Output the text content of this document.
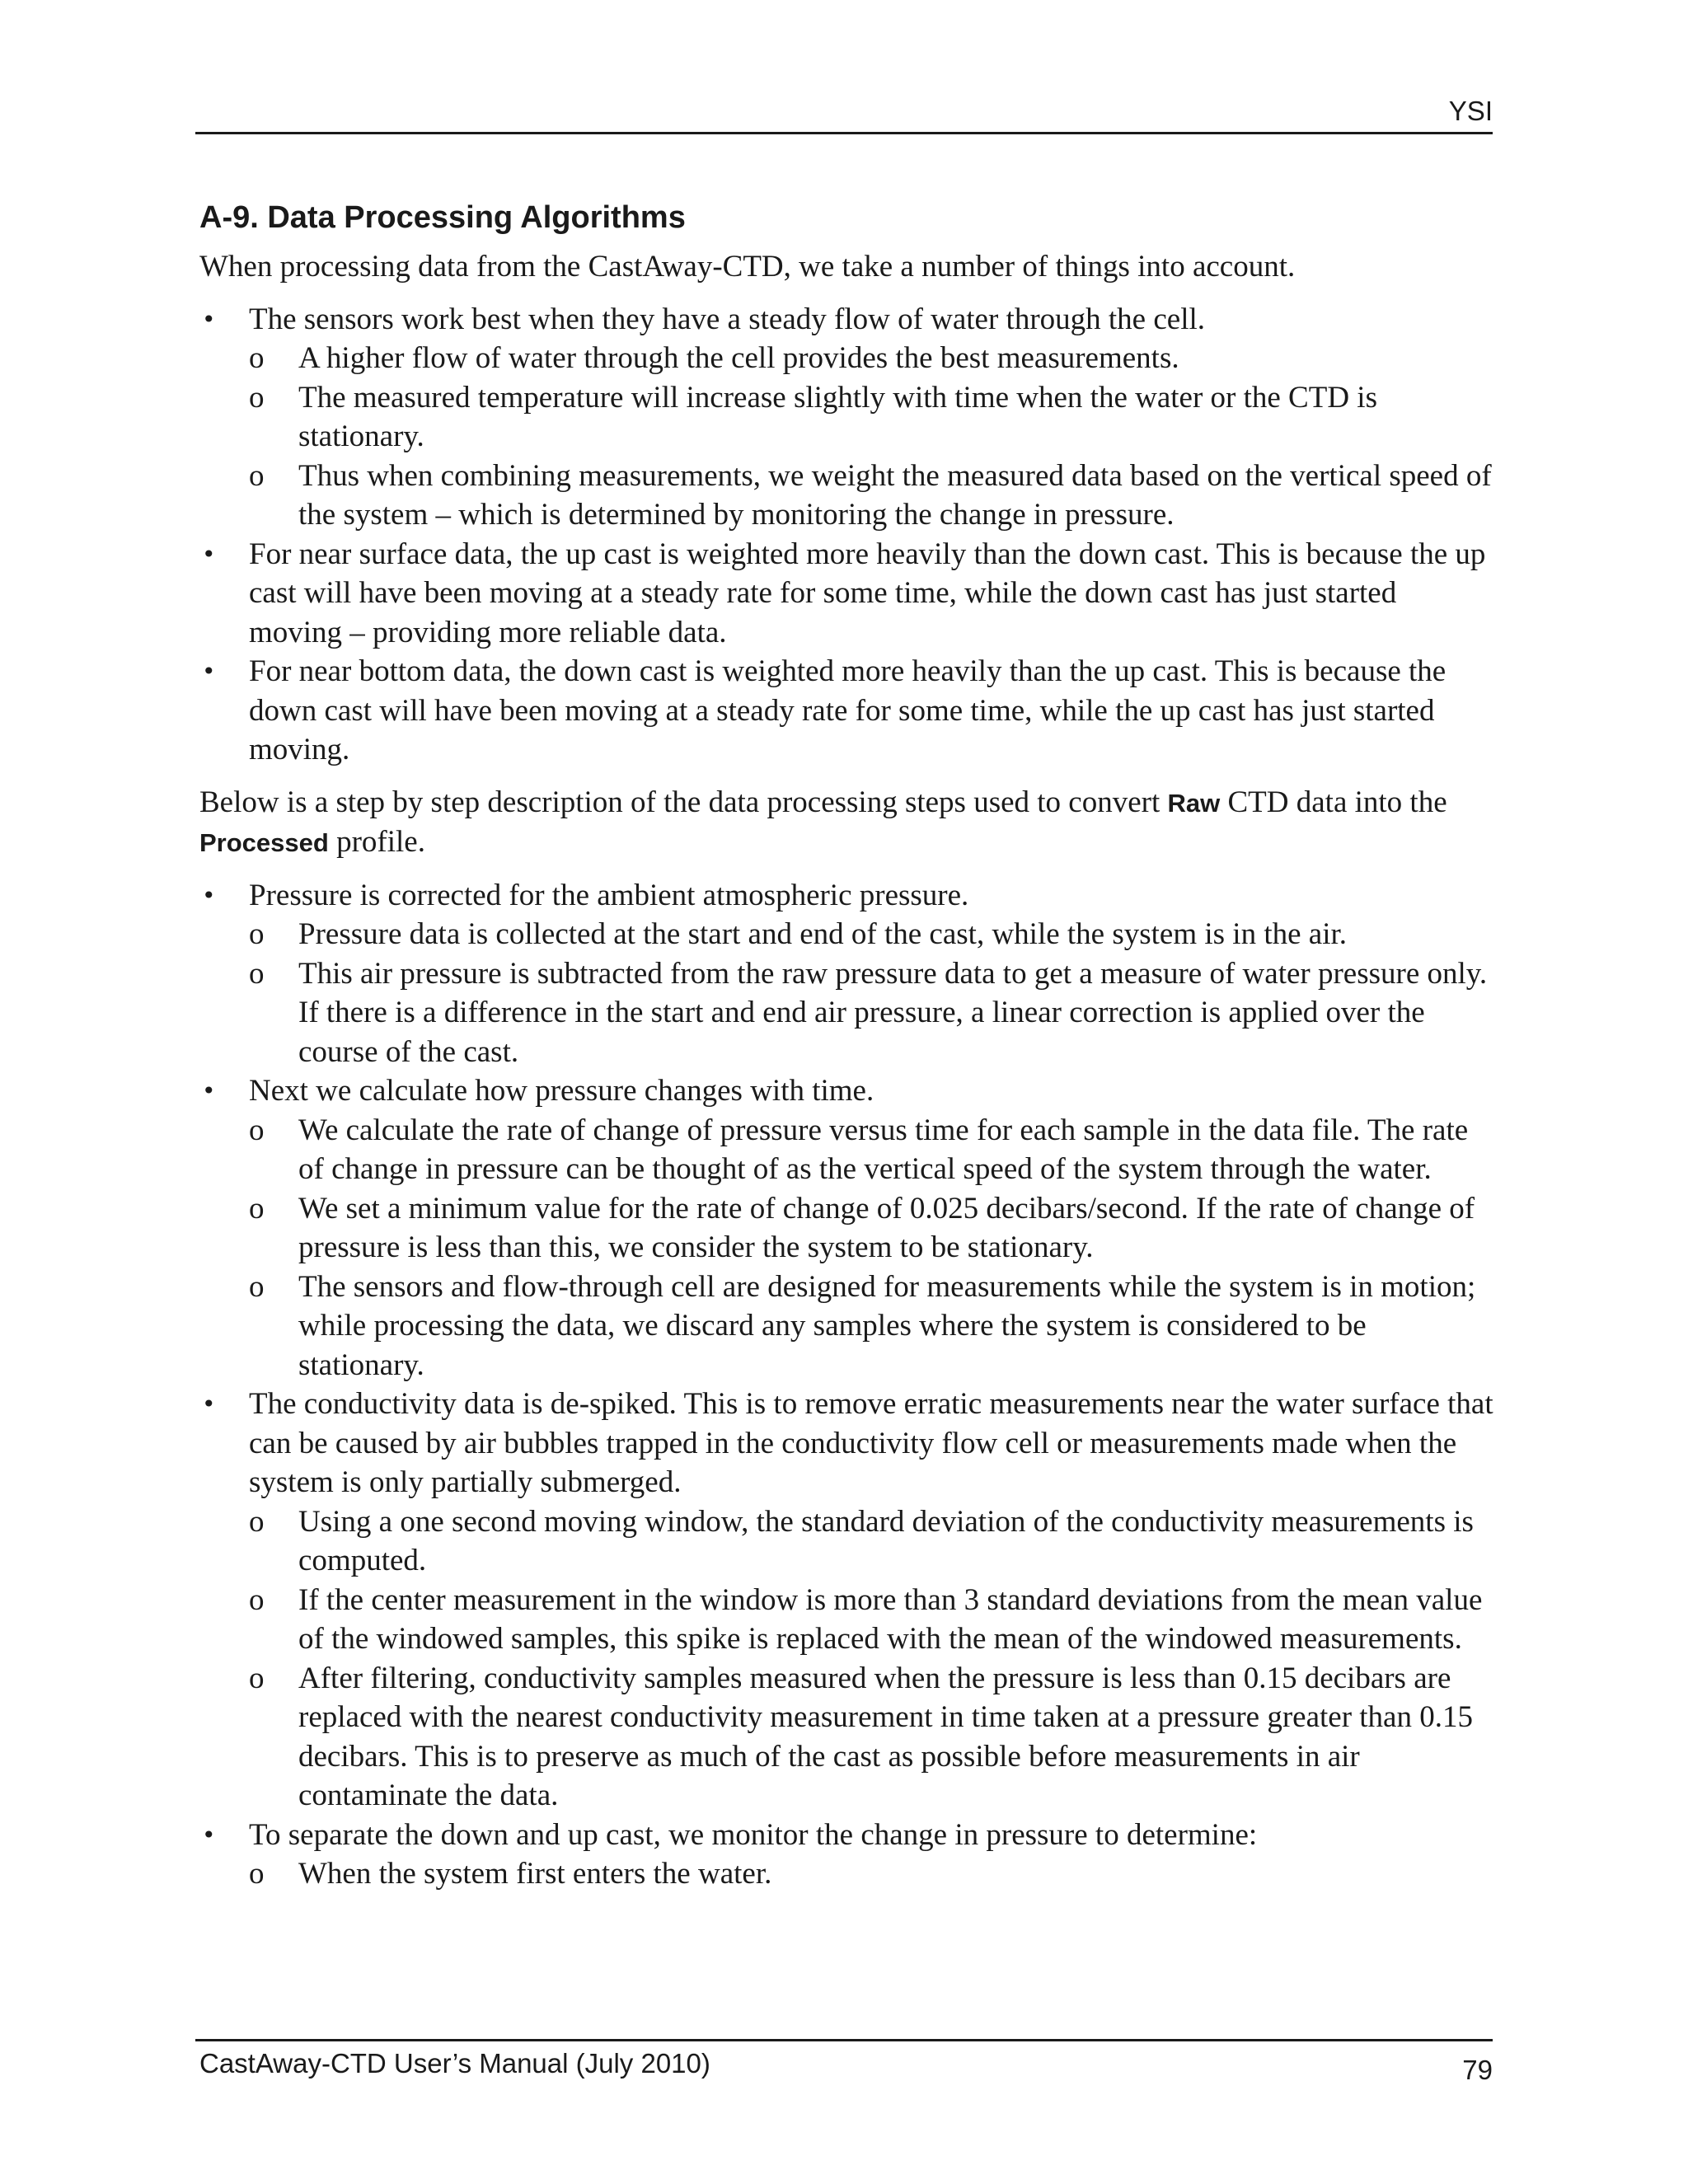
YSI
A-9. Data Processing Algorithms

When processing data from the CastAway-CTD, we take a number of things into account.

• The sensors work best when they have a steady flow of water through the cell.
o A higher flow of water through the cell provides the best measurements.
o The measured temperature will increase slightly with time when the water or the CTD is stationary.
o Thus when combining measurements, we weight the measured data based on the vertical speed of the system – which is determined by monitoring the change in pressure.
• For near surface data, the up cast is weighted more heavily than the down cast. This is because the up cast will have been moving at a steady rate for some time, while the down cast has just started moving – providing more reliable data.
• For near bottom data, the down cast is weighted more heavily than the up cast. This is because the down cast will have been moving at a steady rate for some time, while the up cast has just started moving.

Below is a step by step description of the data processing steps used to convert Raw CTD data into the Processed profile.

• Pressure is corrected for the ambient atmospheric pressure.
o Pressure data is collected at the start and end of the cast, while the system is in the air.
o This air pressure is subtracted from the raw pressure data to get a measure of water pressure only. If there is a difference in the start and end air pressure, a linear correction is applied over the course of the cast.
• Next we calculate how pressure changes with time.
o We calculate the rate of change of pressure versus time for each sample in the data file. The rate of change in pressure can be thought of as the vertical speed of the system through the water.
o We set a minimum value for the rate of change of 0.025 decibars/second. If the rate of change of pressure is less than this, we consider the system to be stationary.
o The sensors and flow-through cell are designed for measurements while the system is in motion; while processing the data, we discard any samples where the system is considered to be stationary.
• The conductivity data is de-spiked. This is to remove erratic measurements near the water surface that can be caused by air bubbles trapped in the conductivity flow cell or measurements made when the system is only partially submerged.
o Using a one second moving window, the standard deviation of the conductivity measurements is computed.
o If the center measurement in the window is more than 3 standard deviations from the mean value of the windowed samples, this spike is replaced with the mean of the windowed measurements.
o After filtering, conductivity samples measured when the pressure is less than 0.15 decibars are replaced with the nearest conductivity measurement in time taken at a pressure greater than 0.15 decibars. This is to preserve as much of the cast as possible before measurements in air contaminate the data.
• To separate the down and up cast, we monitor the change in pressure to determine:
o When the system first enters the water.
CastAway-CTD User’s Manual (July 2010)	79
